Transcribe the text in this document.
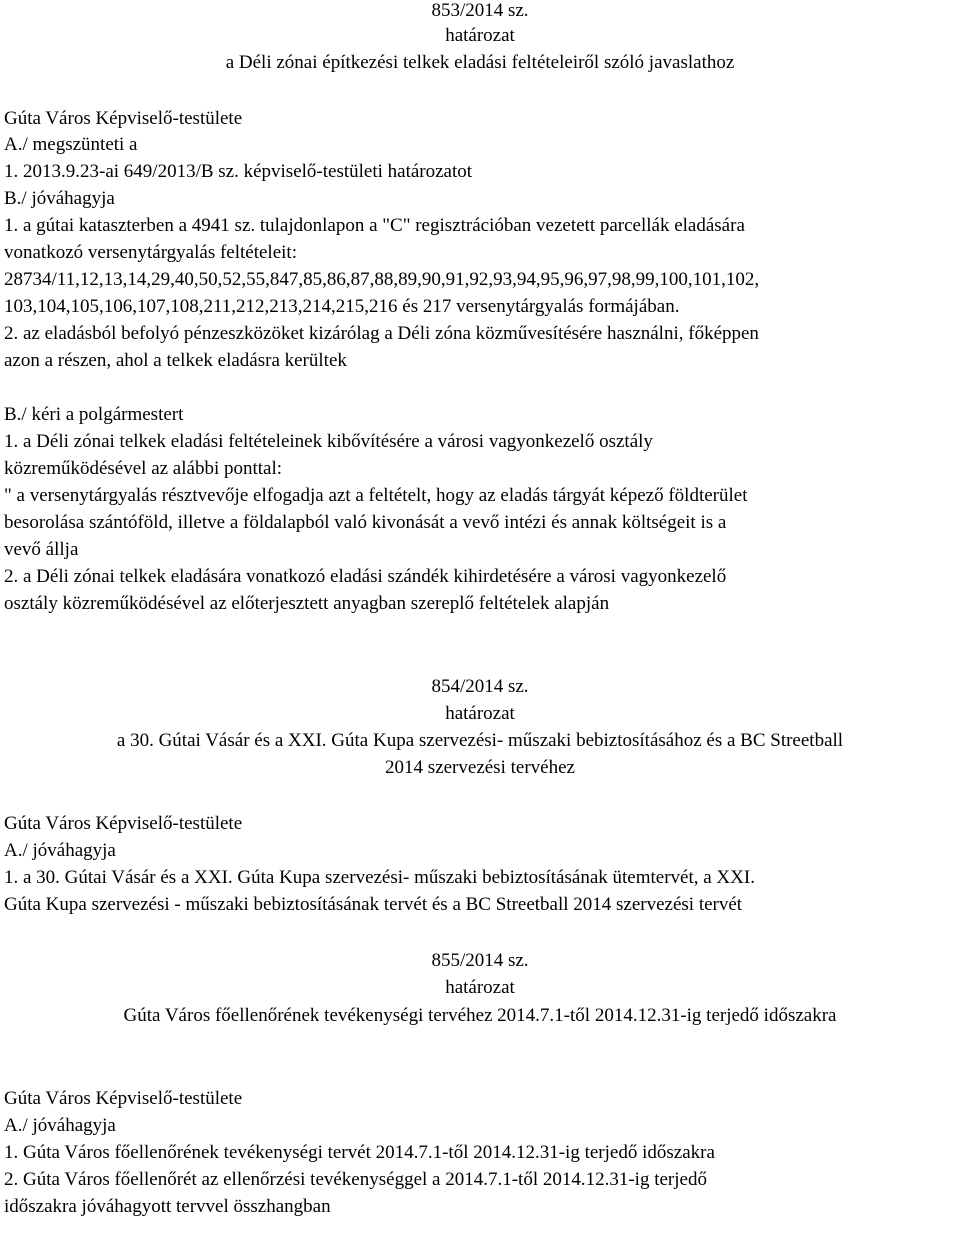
853/2014 sz.
határozat
a Déli zónai építkezési telkek eladási feltételeiről szóló javaslathoz
Gúta Város Képviselő-testülete
A./ megszünteti a
1. 2013.9.23-ai 649/2013/B sz. képviselő-testületi határozatot
B./ jóváhagyja
1. a gútai kataszterben a 4941 sz. tulajdonlapon a "C" regisztrációban vezetett parcellák eladására
vonatkozó versenytárgyalás feltételeit:
28734/11,12,13,14,29,40,50,52,55,847,85,86,87,88,89,90,91,92,93,94,95,96,97,98,99,100,101,102,
103,104,105,106,107,108,211,212,213,214,215,216 és 217 versenytárgyalás formájában.
2. az eladásból befolyó pénzeszközöket kizárólag a Déli zóna közművesítésére használni, főképpen
azon a részen, ahol a telkek eladásra kerültek
B./ kéri a polgármestert
1. a Déli zónai telkek eladási feltételeinek kibővítésére a városi vagyonkezelő osztály
közreműködésével az alábbi ponttal:
" a versenytárgyalás résztvevője elfogadja azt a feltételt, hogy az eladás tárgyát képező földterület
besorolása szántóföld, illetve a földalapból való kivonását a vevő intézi és annak költségeit is a
vevő állja
2. a Déli zónai telkek eladására vonatkozó eladási szándék kihirdetésére a városi vagyonkezelő
osztály közreműködésével az előterjesztett anyagban szereplő feltételek alapján
854/2014 sz.
határozat
a 30. Gútai Vásár és a XXI. Gúta Kupa szervezési- műszaki bebiztosításához és a BC Streetball
2014 szervezési tervéhez
Gúta Város Képviselő-testülete
A./ jóváhagyja
1. a 30. Gútai Vásár és a XXI. Gúta Kupa szervezési- műszaki bebiztosításának ütemtervét, a XXI.
Gúta Kupa szervezési - műszaki bebiztosításának tervét és a BC Streetball 2014 szervezési tervét
855/2014 sz.
határozat
Gúta Város főellenőrének tevékenységi tervéhez 2014.7.1-től 2014.12.31-ig terjedő időszakra
Gúta Város Képviselő-testülete
A./ jóváhagyja
1. Gúta Város főellenőrének tevékenységi tervét 2014.7.1-től 2014.12.31-ig terjedő időszakra
2. Gúta Város főellenőrét az ellenőrzési tevékenységgel a 2014.7.1-től 2014.12.31-ig terjedő
időszakra jóváhagyott tervvel összhangban
